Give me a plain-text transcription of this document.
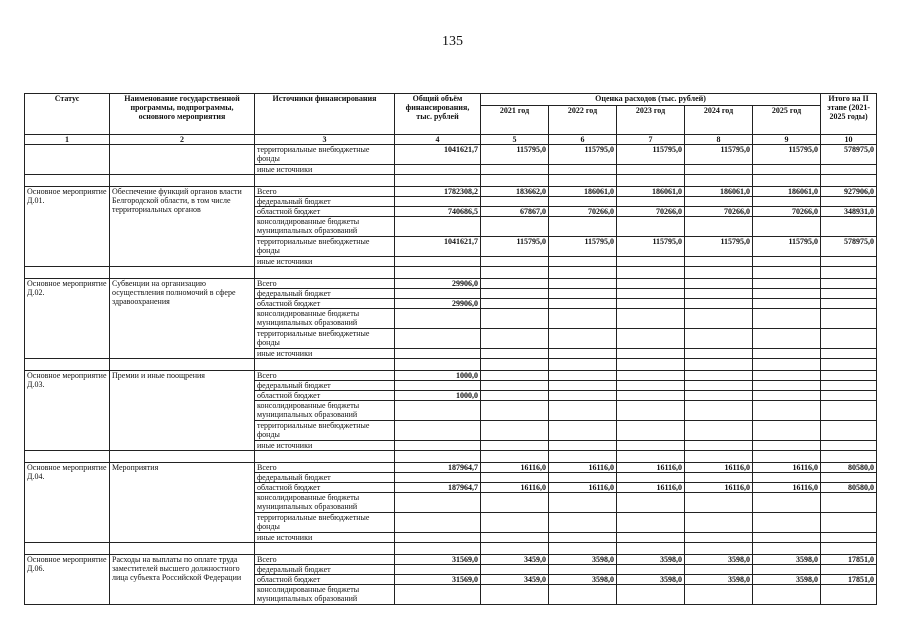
135
Статус	Наименование государственной программы, подпрограммы, основного мероприятия	Источники финансирования	Общий объём финансирования, тыс. рублей	Оценка расходов (тыс. рублей)					Итого на II этапе (2021-2025 годы)
				2021 год	2022 год	2023 год	2024 год	2025 год	
1	2	3	4	5	6	7	8	9	10
		территориальные внебюджетные фонды	1041621,7	115795,0	115795,0	115795,0	115795,0	115795,0	578975,0
		иные источники							

Основное мероприятие Д.01.	Обеспечение функций органов власти Белгородской области, в том числе территориальных органов	Всего	1782308,2	183662,0	186061,0	186061,0	186061,0	186061,0	927906,0
		федеральный бюджет							
		областной бюджет	740686,5	67867,0	70266,0	70266,0	70266,0	70266,0	348931,0
		консолидированные бюджеты муниципальных образований							
		территориальные внебюджетные фонды	1041621,7	115795,0	115795,0	115795,0	115795,0	115795,0	578975,0
		иные источники							

Основное мероприятие Д.02.	Субвенции на организацию осуществления полномочий в сфере здравоохранения	Всего	29906,0						
		федеральный бюджет							
		областной бюджет	29906,0						
		консолидированные бюджеты муниципальных образований							
		территориальные внебюджетные фонды							
		иные источники							

Основное мероприятие Д.03.	Премии и иные поощрения	Всего	1000,0						
		федеральный бюджет							
		областной бюджет	1000,0						
		консолидированные бюджеты муниципальных образований							
		территориальные внебюджетные фонды							
		иные источники							

Основное мероприятие Д.04.	Мероприятия	Всего	187964,7	16116,0	16116,0	16116,0	16116,0	16116,0	80580,0
		федеральный бюджет							
		областной бюджет	187964,7	16116,0	16116,0	16116,0	16116,0	16116,0	80580,0
		консолидированные бюджеты муниципальных образований							
		территориальные внебюджетные фонды							
		иные источники							

Основное мероприятие Д.06.	Расходы на выплаты по оплате труда заместителей высшего должностного лица субъекта Российской Федерации	Всего	31569,0	3459,0	3598,0	3598,0	3598,0	3598,0	17851,0
		федеральный бюджет							
		областной бюджет	31569,0	3459,0	3598,0	3598,0	3598,0	3598,0	17851,0
		консолидированные бюджеты муниципальных образований							
